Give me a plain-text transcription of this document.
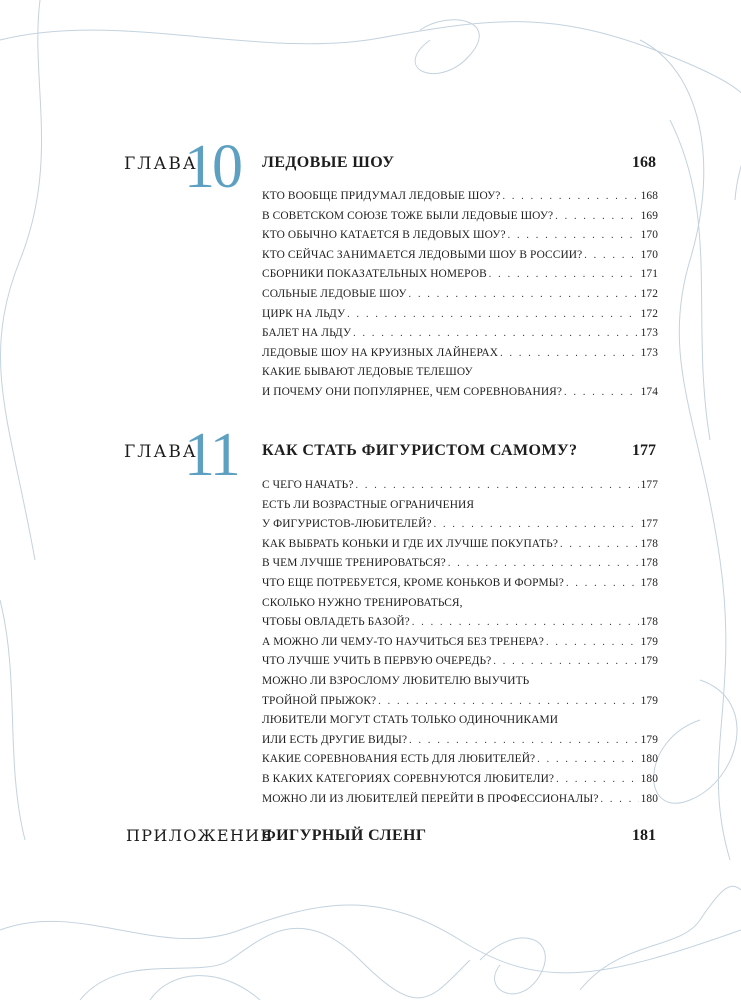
ГЛАВА
10 ЛЕДОВЫЕ ШОУ	168
КТО ВООБЩЕ ПРИДУМАЛ ЛЕДОВЫЕ ШОУ? . . .	168
В СОВЕТСКОМ СОЮЗЕ ТОЖЕ БЫЛИ ЛЕДОВЫЕ ШОУ? . . .	169
КТО ОБЫЧНО КАТАЕТСЯ В ЛЕДОВЫХ ШОУ? . . .	170
КТО СЕЙЧАС ЗАНИМАЕТСЯ ЛЕДОВЫМИ ШОУ В РОССИИ? . . .	170
СБОРНИКИ ПОКАЗАТЕЛЬНЫХ НОМЕРОВ . . .	171
СОЛЬНЫЕ ЛЕДОВЫЕ ШОУ . . .	172
ЦИРК НА ЛЬДУ . . .	172
БАЛЕТ НА ЛЬДУ . . .	173
ЛЕДОВЫЕ ШОУ НА КРУИЗНЫХ ЛАЙНЕРАХ . . .	173
КАКИЕ БЫВАЮТ ЛЕДОВЫЕ ТЕЛЕШОУ
И ПОЧЕМУ ОНИ ПОПУЛЯРНЕЕ, ЧЕМ СОРЕВНОВАНИЯ? . . .	174
ГЛАВА
11 КАК СТАТЬ ФИГУРИСТОМ САМОМУ?	177
С ЧЕГО НАЧАТЬ? . . .	177
ЕСТЬ ЛИ ВОЗРАСТНЫЕ ОГРАНИЧЕНИЯ
У ФИГУРИСТОВ-ЛЮБИТЕЛЕЙ? . . .	177
КАК ВЫБРАТЬ КОНЬКИ И ГДЕ ИХ ЛУЧШЕ ПОКУПАТЬ? . . .	178
В ЧЕМ ЛУЧШЕ ТРЕНИРОВАТЬСЯ? . . .	178
ЧТО ЕЩЕ ПОТРЕБУЕТСЯ, КРОМЕ КОНЬКОВ И ФОРМЫ? . . .	178
СКОЛЬКО НУЖНО ТРЕНИРОВАТЬСЯ,
ЧТОБЫ ОВЛАДЕТЬ БАЗОЙ? . . .	178
А МОЖНО ЛИ ЧЕМУ-ТО НАУЧИТЬСЯ БЕЗ ТРЕНЕРА? . . .	179
ЧТО ЛУЧШЕ УЧИТЬ В ПЕРВУЮ ОЧЕРЕДЬ? . . .	179
МОЖНО ЛИ ВЗРОСЛОМУ ЛЮБИТЕЛЮ ВЫУЧИТЬ
ТРОЙНОЙ ПРЫЖОК? . . .	179
ЛЮБИТЕЛИ МОГУТ СТАТЬ ТОЛЬКО ОДИНОЧНИКАМИ
ИЛИ ЕСТЬ ДРУГИЕ ВИДЫ? . . .	179
КАКИЕ СОРЕВНОВАНИЯ ЕСТЬ ДЛЯ ЛЮБИТЕЛЕЙ? . . .	180
В КАКИХ КАТЕГОРИЯХ СОРЕВНУЮТСЯ ЛЮБИТЕЛИ? . . .	180
МОЖНО ЛИ ИЗ ЛЮБИТЕЛЕЙ ПЕРЕЙТИ В ПРОФЕССИОНАЛЫ? . . .	180
ПРИЛОЖЕНИЕ
ФИГУРНЫЙ СЛЕНГ	181
